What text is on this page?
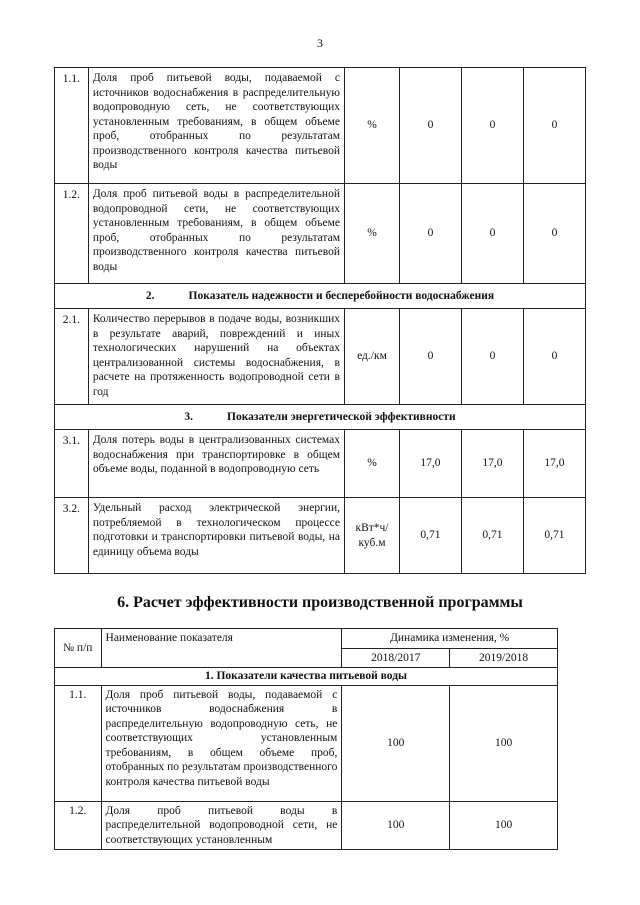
3
1.1.	Доля проб питьевой воды, подаваемой с источников водоснабжения в распределительную водопроводную сеть, не соответствующих установленным требованиям, в общем объеме проб, отобранных по результатам производственного контроля качества питьевой воды	%	0	0	0
1.2.	Доля проб питьевой воды в распределительной водопроводной сети, не соответствующих установленным требованиям, в общем объеме проб, отобранных по результатам производственного контроля качества питьевой воды	%	0	0	0
2. Показатель надежности и бесперебойности водоснабжения					
2.1.	Количество перерывов в подаче воды, возникших в результате аварий, повреждений и иных технологических нарушений на объектах централизованной системы водоснабжения, в расчете на протяженность водопроводной сети в год	ед./км	0	0	0
3. Показатели энергетической эффективности					
3.1.	Доля потерь воды в централизованных системах водоснабжения при транспортировке в общем объеме воды, поданной в водопроводную сеть	%	17,0	17,0	17,0
3.2.	Удельный расход электрической энергии, потребляемой в технологическом процессе подготовки и транспортировки питьевой воды, на единицу объема воды	кВт*ч/ куб.м	0,71	0,71	0,71
6. Расчет эффективности производственной программы
№ п/п	Наименование показателя	Динамика изменения, %	
		2018/2017	2019/2018
1. Показатели качества питьевой воды			
1.1.	Доля проб питьевой воды, подаваемой с источников водоснабжения в распределительную водопроводную сеть, не соответствующих установленным требованиям, в общем объеме проб, отобранных по результатам производственного контроля качества питьевой воды	100	100
1.2.	Доля проб питьевой воды в распределительной водопроводной сети, не соответствующих установленным	100	100
